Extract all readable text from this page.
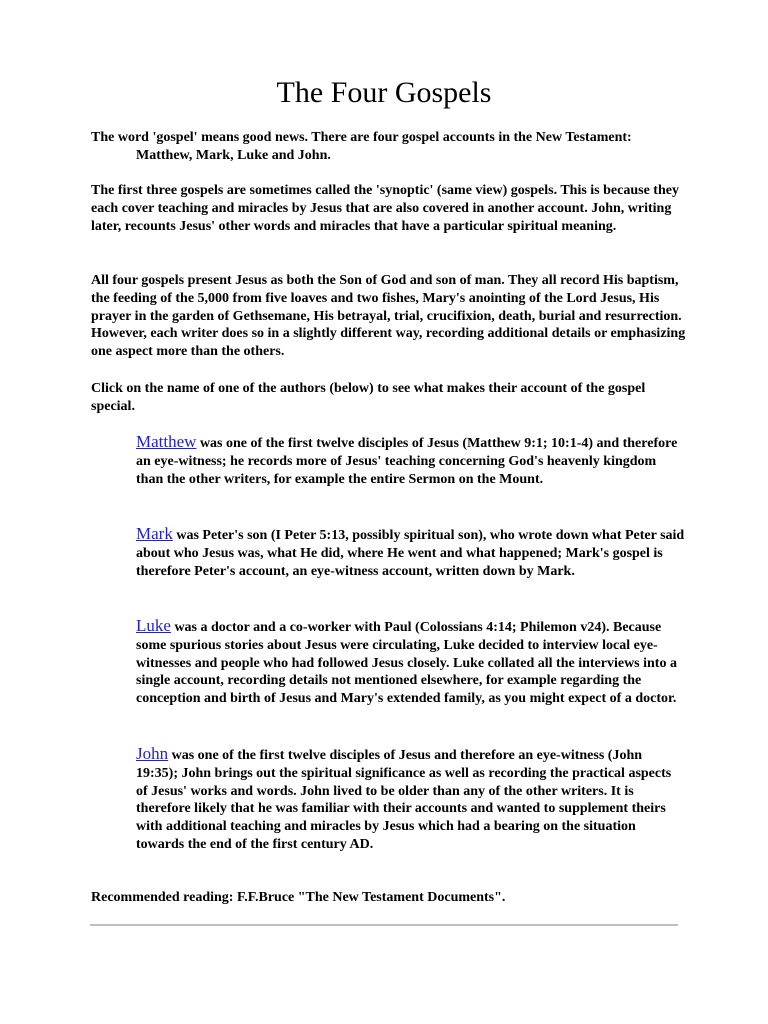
The Four Gospels

The word 'gospel' means good news. There are four gospel accounts in the New Testament:
Matthew, Mark, Luke and John.

The first three gospels are sometimes called the 'synoptic' (same view) gospels. This is because they each cover teaching and miracles by Jesus that are also covered in another account. John, writing later, recounts Jesus' other words and miracles that have a particular spiritual meaning.

All four gospels present Jesus as both the Son of God and son of man. They all record His baptism, the feeding of the 5,000 from five loaves and two fishes, Mary's anointing of the Lord Jesus, His prayer in the garden of Gethsemane, His betrayal, trial, crucifixion, death, burial and resurrection. However, each writer does so in a slightly different way, recording additional details or emphasizing one aspect more than the others.

Click on the name of one of the authors (below) to see what makes their account of the gospel special.

Matthew was one of the first twelve disciples of Jesus (Matthew 9:1; 10:1-4) and therefore an eye-witness; he records more of Jesus' teaching concerning God's heavenly kingdom than the other writers, for example the entire Sermon on the Mount.

Mark was Peter's son (I Peter 5:13, possibly spiritual son), who wrote down what Peter said about who Jesus was, what He did, where He went and what happened; Mark's gospel is therefore Peter's account, an eye-witness account, written down by Mark.

Luke was a doctor and a co-worker with Paul (Colossians 4:14; Philemon v24). Because some spurious stories about Jesus were circulating, Luke decided to interview local eye-witnesses and people who had followed Jesus closely. Luke collated all the interviews into a single account, recording details not mentioned elsewhere, for example regarding the conception and birth of Jesus and Mary's extended family, as you might expect of a doctor.

John was one of the first twelve disciples of Jesus and therefore an eye-witness (John 19:35); John brings out the spiritual significance as well as recording the practical aspects of Jesus' works and words. John lived to be older than any of the other writers. It is therefore likely that he was familiar with their accounts and wanted to supplement theirs with additional teaching and miracles by Jesus which had a bearing on the situation towards the end of the first century AD.

Recommended reading: F.F.Bruce "The New Testament Documents".
